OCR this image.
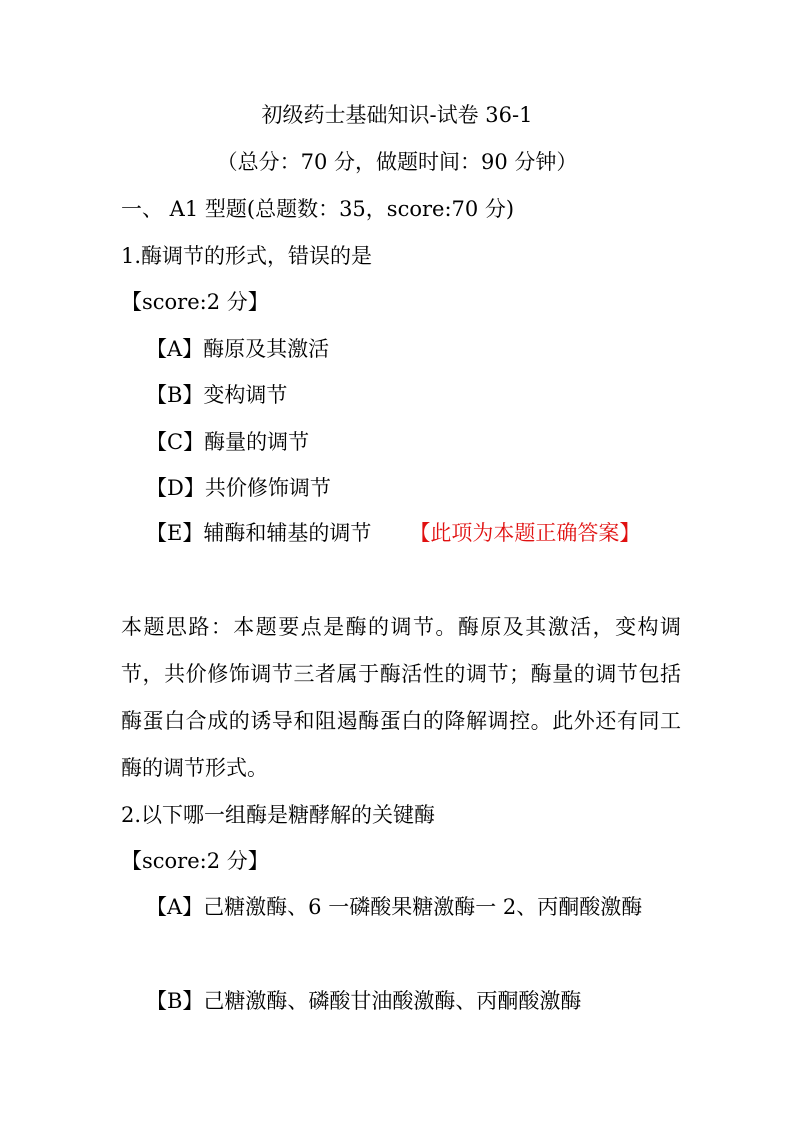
初级药士基础知识-试卷 36-1
（总分：70 分，做题时间：90 分钟）
一、 A1 型题(总题数：35，score:70 分)
1.酶调节的形式，错误的是
【score:2 分】
【A】酶原及其激活
【B】变构调节
【C】酶量的调节
【D】共价修饰调节
【E】辅酶和辅基的调节 【此项为本题正确答案】
本题思路：本题要点是酶的调节。酶原及其激活，变构调节，共价修饰调节三者属于酶活性的调节；酶量的调节包括酶蛋白合成的诱导和阻遏酶蛋白的降解调控。此外还有同工酶的调节形式。
2.以下哪一组酶是糖酵解的关键酶
【score:2 分】
【A】己糖激酶、6 一磷酸果糖激酶一 2、丙酮酸激酶
【B】己糖激酶、磷酸甘油酸激酶、丙酮酸激酶
